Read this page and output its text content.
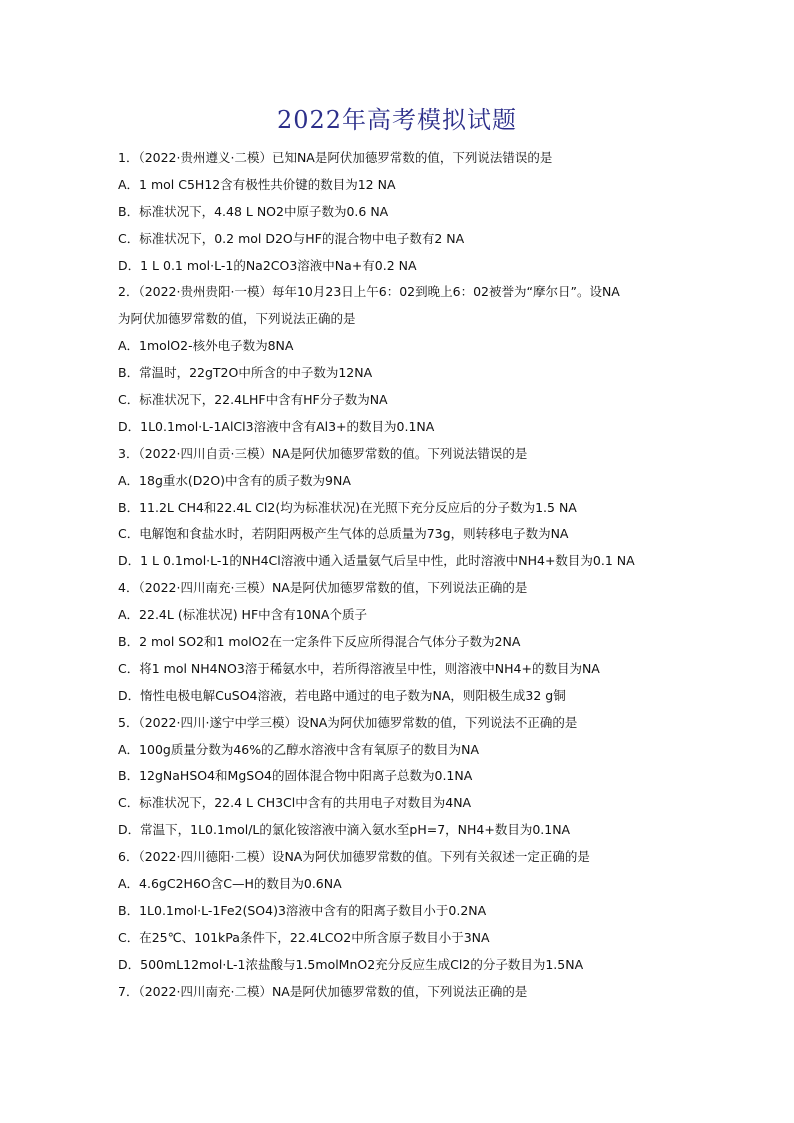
2022年高考模拟试题
1．（2022·贵州遵义·二模）已知NA是阿伏加德罗常数的值，下列说法错误的是
A．1 mol C5H12含有极性共价键的数目为12 NA
B．标准状况下，4.48 L NO2中原子数为0.6 NA
C．标准状况下，0.2 mol D2O与HF的混合物中电子数有2 NA
D．1 L 0.1 mol·L-1的Na2CO3溶液中Na+有0.2 NA
2．（2022·贵州贵阳·一模）每年10月23日上午6：02到晚上6：02被誉为“摩尔日”。设NA
为阿伏加德罗常数的值，下列说法正确的是
A．1molO2-核外电子数为8NA
B．常温时，22gT2O中所含的中子数为12NA
C．标准状况下，22.4LHF中含有HF分子数为NA
D．1L0.1mol·L-1AlCl3溶液中含有Al3+的数目为0.1NA
3．（2022·四川自贡·三模）NA是阿伏加德罗常数的值。下列说法错误的是
A．18g重水(D2O)中含有的质子数为9NA
B．11.2L CH4和22.4L Cl2(均为标准状况)在光照下充分反应后的分子数为1.5 NA
C．电解饱和食盐水时，若阴阳两极产生气体的总质量为73g，则转移电子数为NA
D．1 L 0.1mol·L-1的NH4Cl溶液中通入适量氨气后呈中性，此时溶液中NH4+数目为0.1 NA
4．（2022·四川南充·三模）NA是阿伏加德罗常数的值，下列说法正确的是
A．22.4L (标准状况) HF中含有10NA个质子
B．2 mol SO2和1 molO2在一定条件下反应所得混合气体分子数为2NA
C．将1 mol NH4NO3溶于稀氨水中，若所得溶液呈中性，则溶液中NH4+的数目为NA
D．惰性电极电解CuSO4溶液，若电路中通过的电子数为NA，则阳极生成32 g铜
5．（2022·四川·遂宁中学三模）设NA为阿伏加德罗常数的值，下列说法不正确的是
A．100g质量分数为46%的乙醇水溶液中含有氧原子的数目为NA
B．12gNaHSO4和MgSO4的固体混合物中阳离子总数为0.1NA
C．标准状况下，22.4 L CH3Cl中含有的共用电子对数目为4NA
D．常温下，1L0.1mol/L的氯化铵溶液中滴入氨水至pH=7，NH4+数目为0.1NA
6．（2022·四川德阳·二模）设NA为阿伏加德罗常数的值。下列有关叙述一定正确的是
A．4.6gC2H6O含C—H的数目为0.6NA
B．1L0.1mol·L-1Fe2(SO4)3溶液中含有的阳离子数目小于0.2NA
C．在25℃、101kPa条件下，22.4LCO2中所含原子数目小于3NA
D．500mL12mol·L-1浓盐酸与1.5molMnO2充分反应生成Cl2的分子数目为1.5NA
7．（2022·四川南充·二模）NA是阿伏加德罗常数的值，下列说法正确的是
